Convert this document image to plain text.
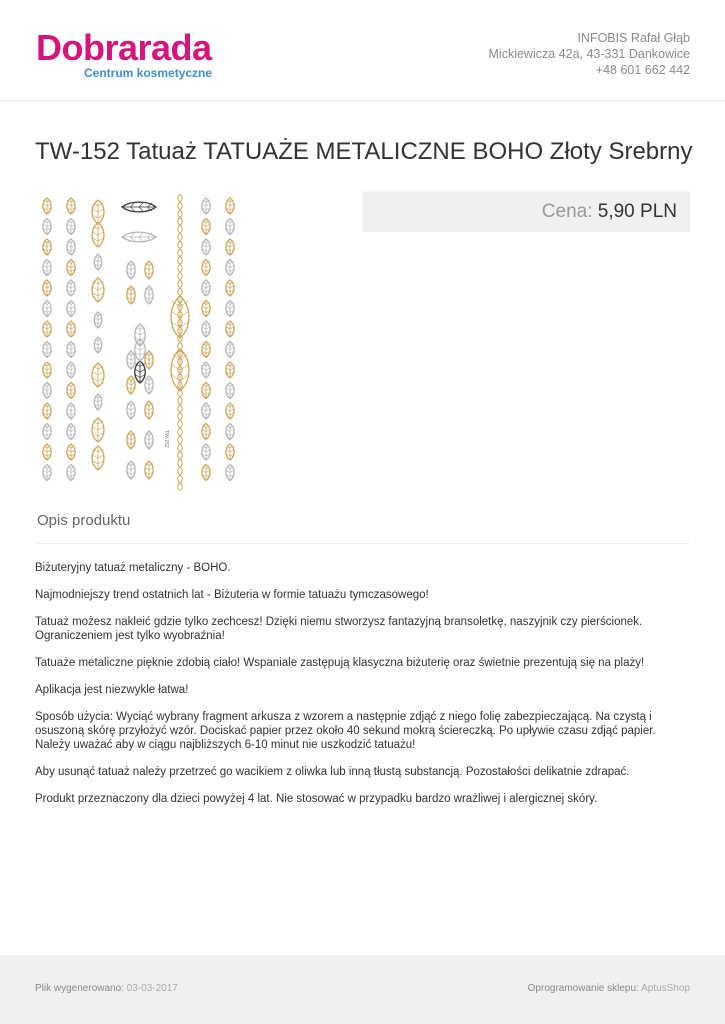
Dobrarada
Centrum kosmetyczne
INFOBIS Rafał Głąb
Mickiewicza 42a, 43-331 Dankowice
+48 601 662 442
TW-152 Tatuaż TATUAŻE METALICZNE BOHO Złoty Srebrny
TW-152
Cena: 5,90 PLN
Opis produktu

Biżuteryjny tatuaż metaliczny - BOHO.

Najmodniejszy trend ostatnich lat - Biżuteria w formie tatuażu tymczasowego!

Tatuaż możesz nakleić gdzie tylko zechcesz! Dzięki niemu stworzysz fantazyjną bransoletkę, naszyjnik czy pierścionek. Ograniczeniem jest tylko wyobraźnia!

Tatuaże metaliczne pięknie zdobią ciało! Wspaniale zastępują klasyczna biżuterię oraz świetnie prezentują się na plaży!

Aplikacja jest niezwykle łatwa!

Sposób użycia: Wyciąć wybrany fragment arkusza z wzorem a następnie zdjąć z niego folię zabezpieczającą. Na czystą i osuszoną skórę przyłożyć wzór. Dociskać papier przez około 40 sekund mokrą ściereczką. Po upływie czasu zdjąć papier. Należy uważać aby w ciągu najbliższych 6-10 minut nie uszkodzić tatuażu!

Aby usunąć tatuaż należy przetrzeć go wacikiem z oliwka lub inną tłustą substancją. Pozostałości delikatnie zdrapać.

Produkt przeznaczony dla dzieci powyżej 4 lat. Nie stosować w przypadku bardzo wrażliwej i alergicznej skóry.

Plik wygenerowano: 03-03-2017	Oprogramowanie sklepu: AptusShop
